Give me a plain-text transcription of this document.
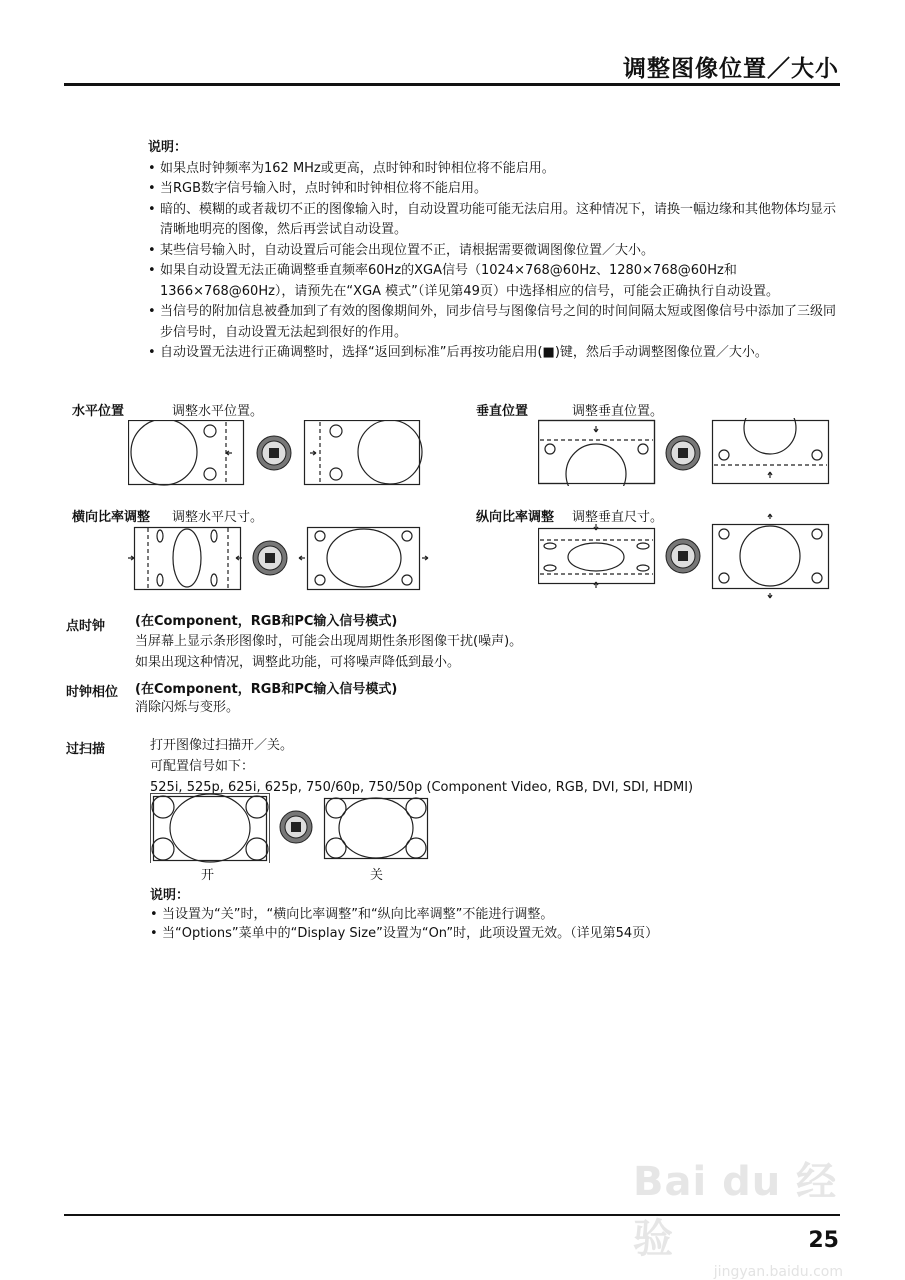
调整图像位置／大小
说明：
• 如果点时钟频率为162 MHz或更高，点时钟和时钟相位将不能启用。
• 当RGB数字信号输入时，点时钟和时钟相位将不能启用。
• 暗的、模糊的或者裁切不正的图像输入时，自动设置功能可能无法启用。这种情况下，请换一幅边缘和其他物体均显示清晰地明亮的图像，然后再尝试自动设置。
• 某些信号输入时，自动设置后可能会出现位置不正，请根据需要微调图像位置／大小。
• 如果自动设置无法正确调整垂直频率60Hz的XGA信号（1024×768@60Hz、1280×768@60Hz和1366×768@60Hz），请预先在“XGA 模式”（详见第49页）中选择相应的信号，可能会正确执行自动设置。
• 当信号的附加信息被叠加到了有效的图像期间外，同步信号与图像信号之间的时间间隔太短或图像信号中添加了三级同步信号时，自动设置无法起到很好的作用。
• 自动设置无法进行正确调整时，选择“返回到标准”后再按功能启用(■)键，然后手动调整图像位置／大小。
水平位置	调整水平位置。	垂直位置	调整垂直位置。
横向比率调整 调整水平尺寸。	纵向比率调整 调整垂直尺寸。
点时钟 (在Component，RGB和PC输入信号模式)
当屏幕上显示条形图像时，可能会出现周期性条形图像干扰(噪声)。
如果出现这种情况，调整此功能，可将噪声降低到最小。
时钟相位 (在Component，RGB和PC输入信号模式)
消除闪烁与变形。
过扫描	打开图像过扫描开／关。
可配置信号如下：
525i, 525p, 625i, 625p, 750/60p, 750/50p (Component Video, RGB, DVI, SDI, HDMI)
开	关
说明：
• 当设置为“关”时，“横向比率调整”和“纵向比率调整”不能进行调整。
• 当“Options”菜单中的“Display Size”设置为“On”时，此项设置无效。（详见第54页）
Bai du 经验
jingyan.baidu.com
25
